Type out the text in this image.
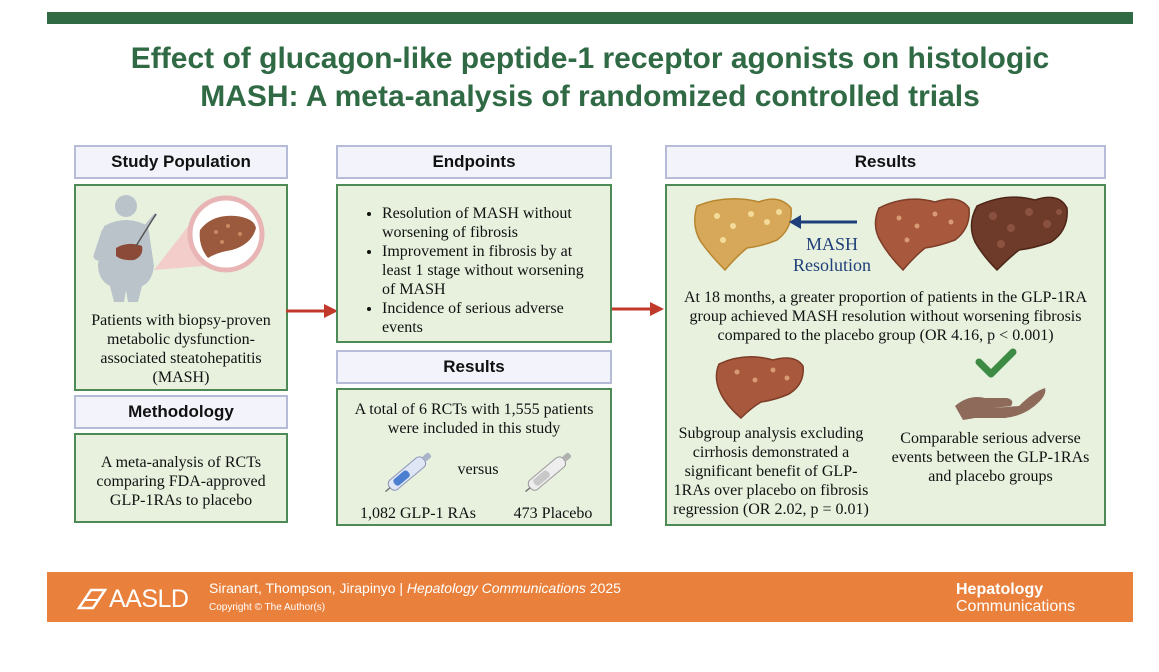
Effect of glucagon-like peptide-1 receptor agonists on histologic
MASH: A meta-analysis of randomized controlled trials
Study Population
Patients with biopsy-proven metabolic dysfunction-associated steatohepatitis (MASH)
Methodology
A meta-analysis of RCTs comparing FDA-approved GLP-1RAs to placebo
Endpoints
• Resolution of MASH without worsening of fibrosis
• Improvement in fibrosis by at least 1 stage without worsening of MASH
• Incidence of serious adverse events
Results
A total of 6 RCTs with 1,555 patients were included in this study
versus
1,082 GLP-1 RAs	473 Placebo
Results
MASH
Resolution
At 18 months, a greater proportion of patients in the GLP-1RA group achieved MASH resolution without worsening fibrosis compared to the placebo group (OR 4.16, p < 0.001)
Subgroup analysis excluding cirrhosis demonstrated a significant benefit of GLP-1RAs over placebo on fibrosis regression (OR 2.02, p = 0.01)
Comparable serious adverse events between the GLP-1RAs and placebo groups
AASLD Siranart, Thompson, Jirapinyo | Hepatology Communications 2025
Copyright © The Author(s)
Hepatology
Communications
